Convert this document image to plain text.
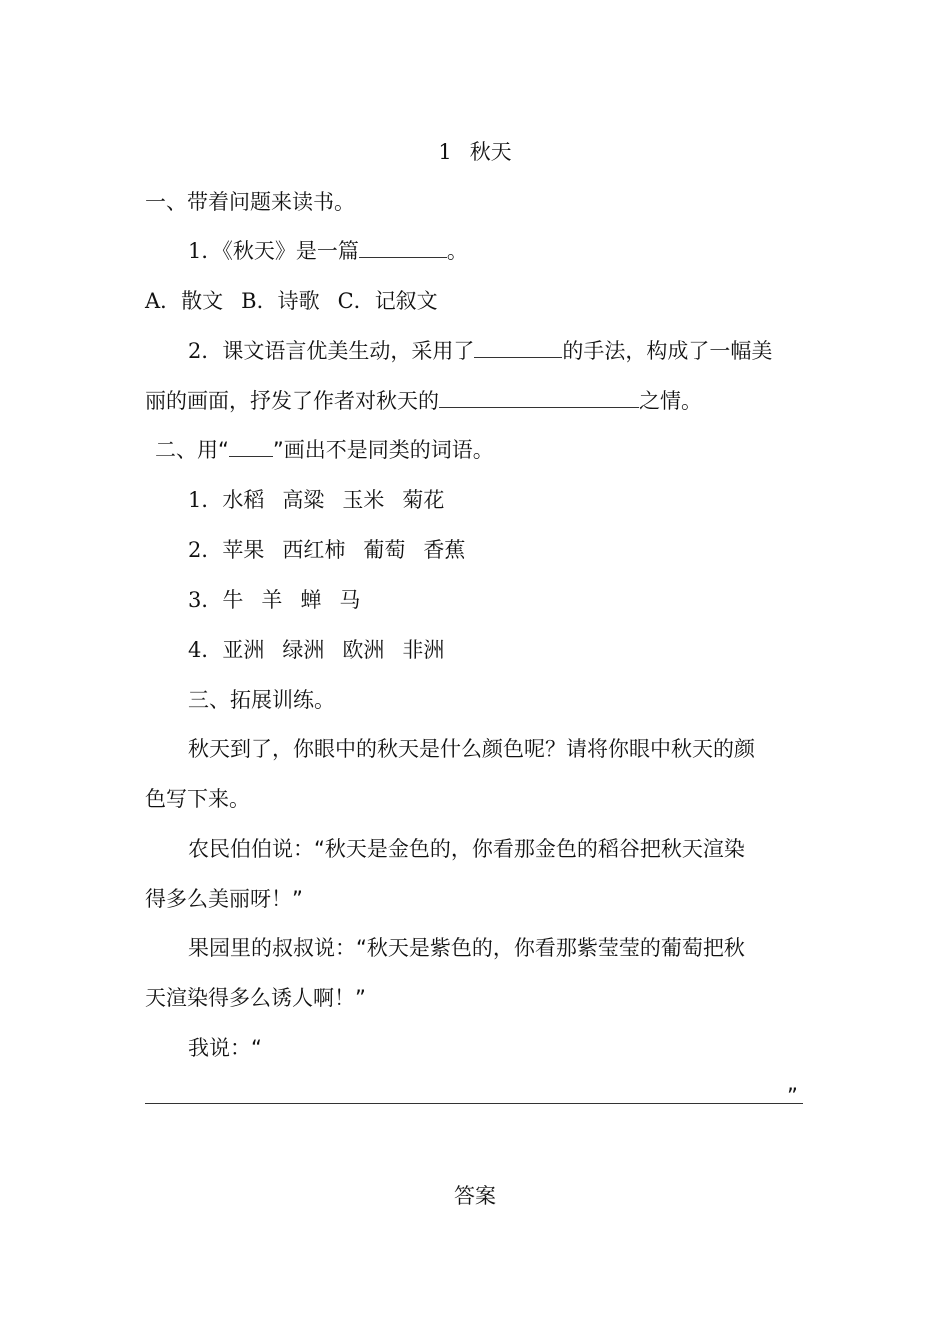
1 秋天
一、带着问题来读书。
1．《秋天》是一篇	。
A．散文 B．诗歌 C．记叙文
2．课文语言优美生动，采用了	的手法，构成了一幅美
丽的画面，抒发了作者对秋天的	之情。
二、用“ ”画出不是同类的词语。
1．水稻 高粱 玉米 菊花
2．苹果 西红柿 葡萄 香蕉
3．牛 羊 蝉 马
4．亚洲 绿洲 欧洲 非洲
三、拓展训练。
秋天到了，你眼中的秋天是什么颜色呢？请将你眼中秋天的颜
色写下来。
农民伯伯说：“秋天是金色的，你看那金色的稻谷把秋天渲染
得多么美丽呀！”
果园里的叔叔说：“秋天是紫色的，你看那紫莹莹的葡萄把秋
天渲染得多么诱人啊！”
我说：“
”
答案
